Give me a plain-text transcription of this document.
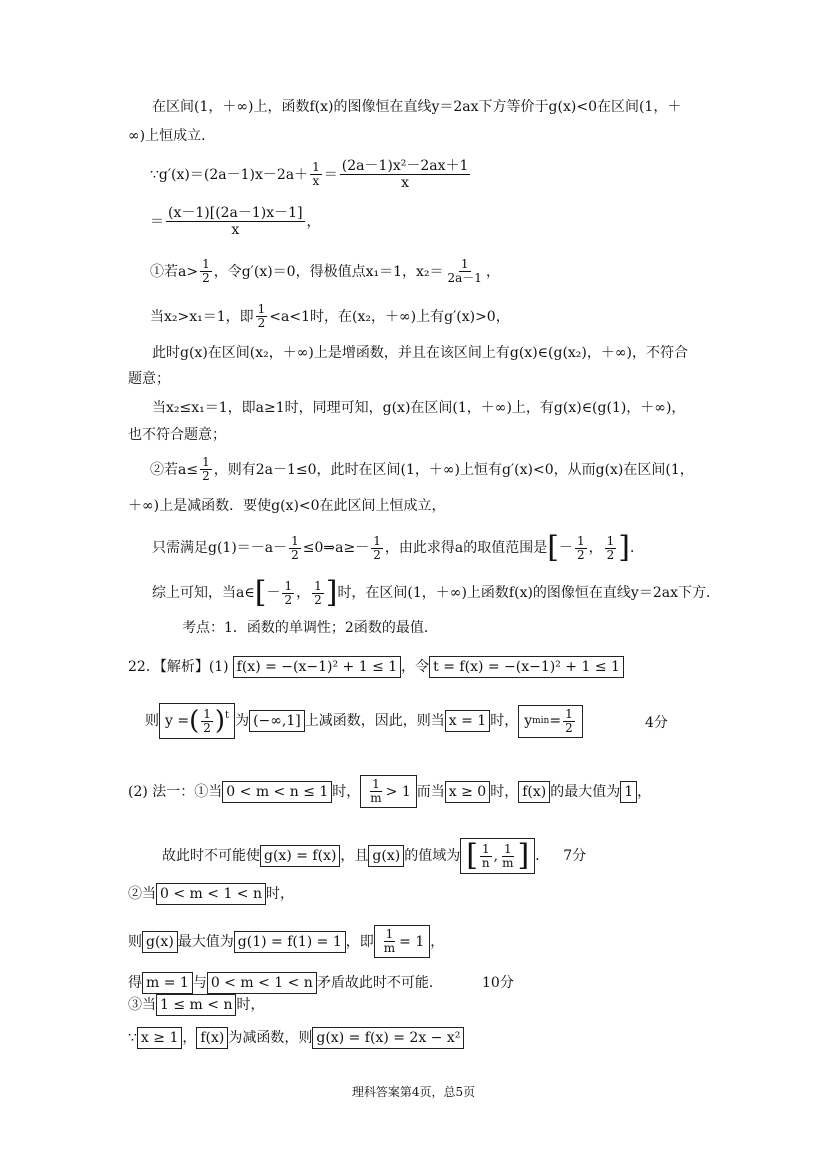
在区间(1，＋∞)上，函数f(x)的图像恒在直线y＝2ax下方等价于g(x)<0在区间(1，＋
∞)上恒成立．
∵g′(x)＝(2a－1)x－2a＋ $\frac{1}{x} = \frac{\text{(2a－1)x²－2ax＋1}}{x}$
＝ $\frac{(x-1)[(2a-1)x-1]}{x}$ ，
①若$a> \frac{1}{2}$ ，令g′(x)＝0，得极值点x₁＝1，$x_2= \frac{1}{2a-1}$ ，
当x₂>x₁＝1，即 $\frac{1}{2} <a<1$时，在(x₂，＋∞)上有g′(x)>0，
此时g(x)在区间(x₂，＋∞)上是增函数，并且在该区间上有g(x)∈(g(x₂)，＋∞)，不符合
题意；
当x₂≤x₁＝1，即a≥1时，同理可知，g(x)在区间(1，＋∞)上，有g(x)∈(g(1)，＋∞)，
也不符合题意；
②若$a\le \frac{1}{2}$ ，则有2a－1≤0，此时在区间(1，＋∞)上恒有g′(x)<0，从而g(x)在区间(1，
＋∞)上是减函数．要使g(x)<0在此区间上恒成立，
只需满足$g(1)=-a- \frac{1}{2}$ ≤0⇒a≥－ $\frac{1}{2}$ ，由此求得a的取值范围是 [ － $\frac{1}{2}$ ， $\frac{1}{2}$ ] ．
综上可知，当a∈ [ － $\frac{1}{2}$ ， $\frac{1}{2}$ ] 时，在区间(1，＋∞)上函数f(x)的图像恒在直线y＝2ax下方．
考点：1．函数的单调性；2函数的最值．
22．【解析】(1) f(x) = −(x−1)² + 1 ≤ 1 ，令 t = f(x) = −(x−1)² + 1 ≤ 1
则 y = ( $\frac{1}{2} )^t$ 为 (−∞,1] 上减函数，因此，则当 x = 1 时， y $\min = \frac{1}{2}$	4分
(2) 法一：①当 0 < m < n ≤ 1 时， $\frac{1}{m} > 1$ 而当 x ≥ 0 时， f(x) 的最大值为 1 ，
故此时不可能使 g(x) = f(x) ，且 g(x) 的值域为 [ $\frac{1}{n}$ , $\frac{1}{m}$ ] ． 7分
②当 0 < m < 1 < n 时，
则 g(x) 最大值为 g(1) = f(1) = 1 ，即 $\frac{1}{m} = 1$ ，
得 m = 1 与 0 < m < 1 < n 矛盾故此时不可能．	10分
③当 1 ≤ m < n 时，
∵ x ≥ 1 ， f(x) 为减函数，则 g(x) = f(x) = 2x − x²
理科答案第4页，总5页
